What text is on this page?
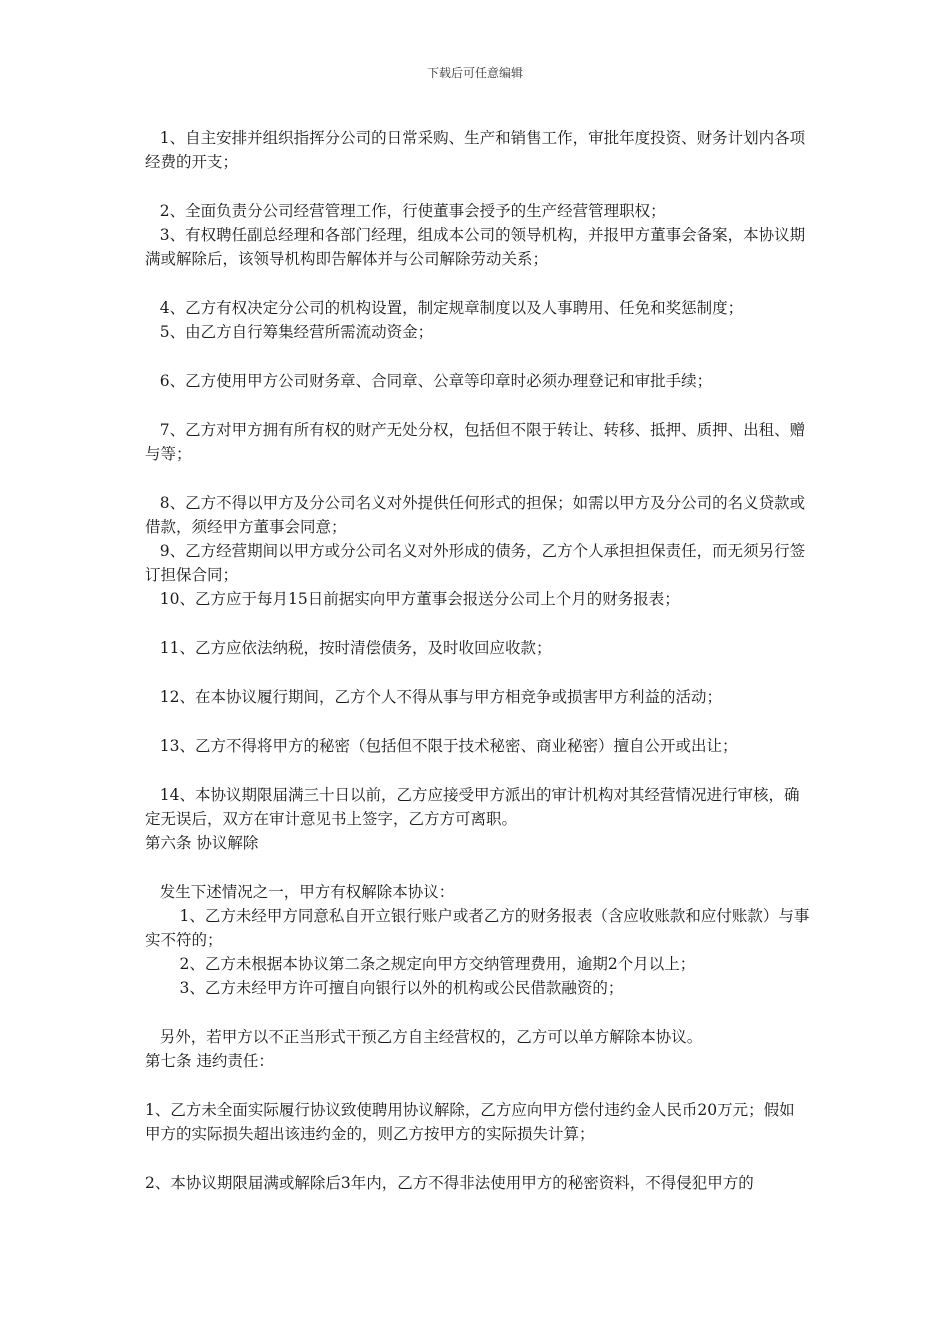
下载后可任意编辑

1、自主安排并组织指挥分公司的日常采购、生产和销售工作，审批年度投资、财务计划内各项经费的开支；

2、全面负责分公司经营管理工作，行使董事会授予的生产经营管理职权；

3、有权聘任副总经理和各部门经理，组成本公司的领导机构，并报甲方董事会备案，本协议期满或解除后，该领导机构即告解体并与公司解除劳动关系；

4、乙方有权决定分公司的机构设置，制定规章制度以及人事聘用、任免和奖惩制度；

5、由乙方自行筹集经营所需流动资金；

6、乙方使用甲方公司财务章、合同章、公章等印章时必须办理登记和审批手续；

7、乙方对甲方拥有所有权的财产无处分权，包括但不限于转让、转移、抵押、质押、出租、赠与等；

8、乙方不得以甲方及分公司名义对外提供任何形式的担保；如需以甲方及分公司的名义贷款或借款，须经甲方董事会同意；

9、乙方经营期间以甲方或分公司名义对外形成的债务，乙方个人承担担保责任，而无须另行签订担保合同；

10、乙方应于每月15日前据实向甲方董事会报送分公司上个月的财务报表；

11、乙方应依法纳税，按时清偿债务，及时收回应收款；

12、在本协议履行期间，乙方个人不得从事与甲方相竞争或损害甲方利益的活动；

13、乙方不得将甲方的秘密（包括但不限于技术秘密、商业秘密）擅自公开或出让；

14、本协议期限届满三十日以前，乙方应接受甲方派出的审计机构对其经营情况进行审核，确定无误后，双方在审计意见书上签字，乙方方可离职。

第六条 协议解除

发生下述情况之一，甲方有权解除本协议：

1、乙方未经甲方同意私自开立银行账户或者乙方的财务报表（含应收账款和应付账款）与事实不符的；

2、乙方未根据本协议第二条之规定向甲方交纳管理费用，逾期2个月以上；

3、乙方未经甲方许可擅自向银行以外的机构或公民借款融资的；

另外，若甲方以不正当形式干预乙方自主经营权的，乙方可以单方解除本协议。

第七条 违约责任：

1、乙方未全面实际履行协议致使聘用协议解除，乙方应向甲方偿付违约金人民币20万元；假如甲方的实际损失超出该违约金的，则乙方按甲方的实际损失计算；

2、本协议期限届满或解除后3年内，乙方不得非法使用甲方的秘密资料，不得侵犯甲方的
